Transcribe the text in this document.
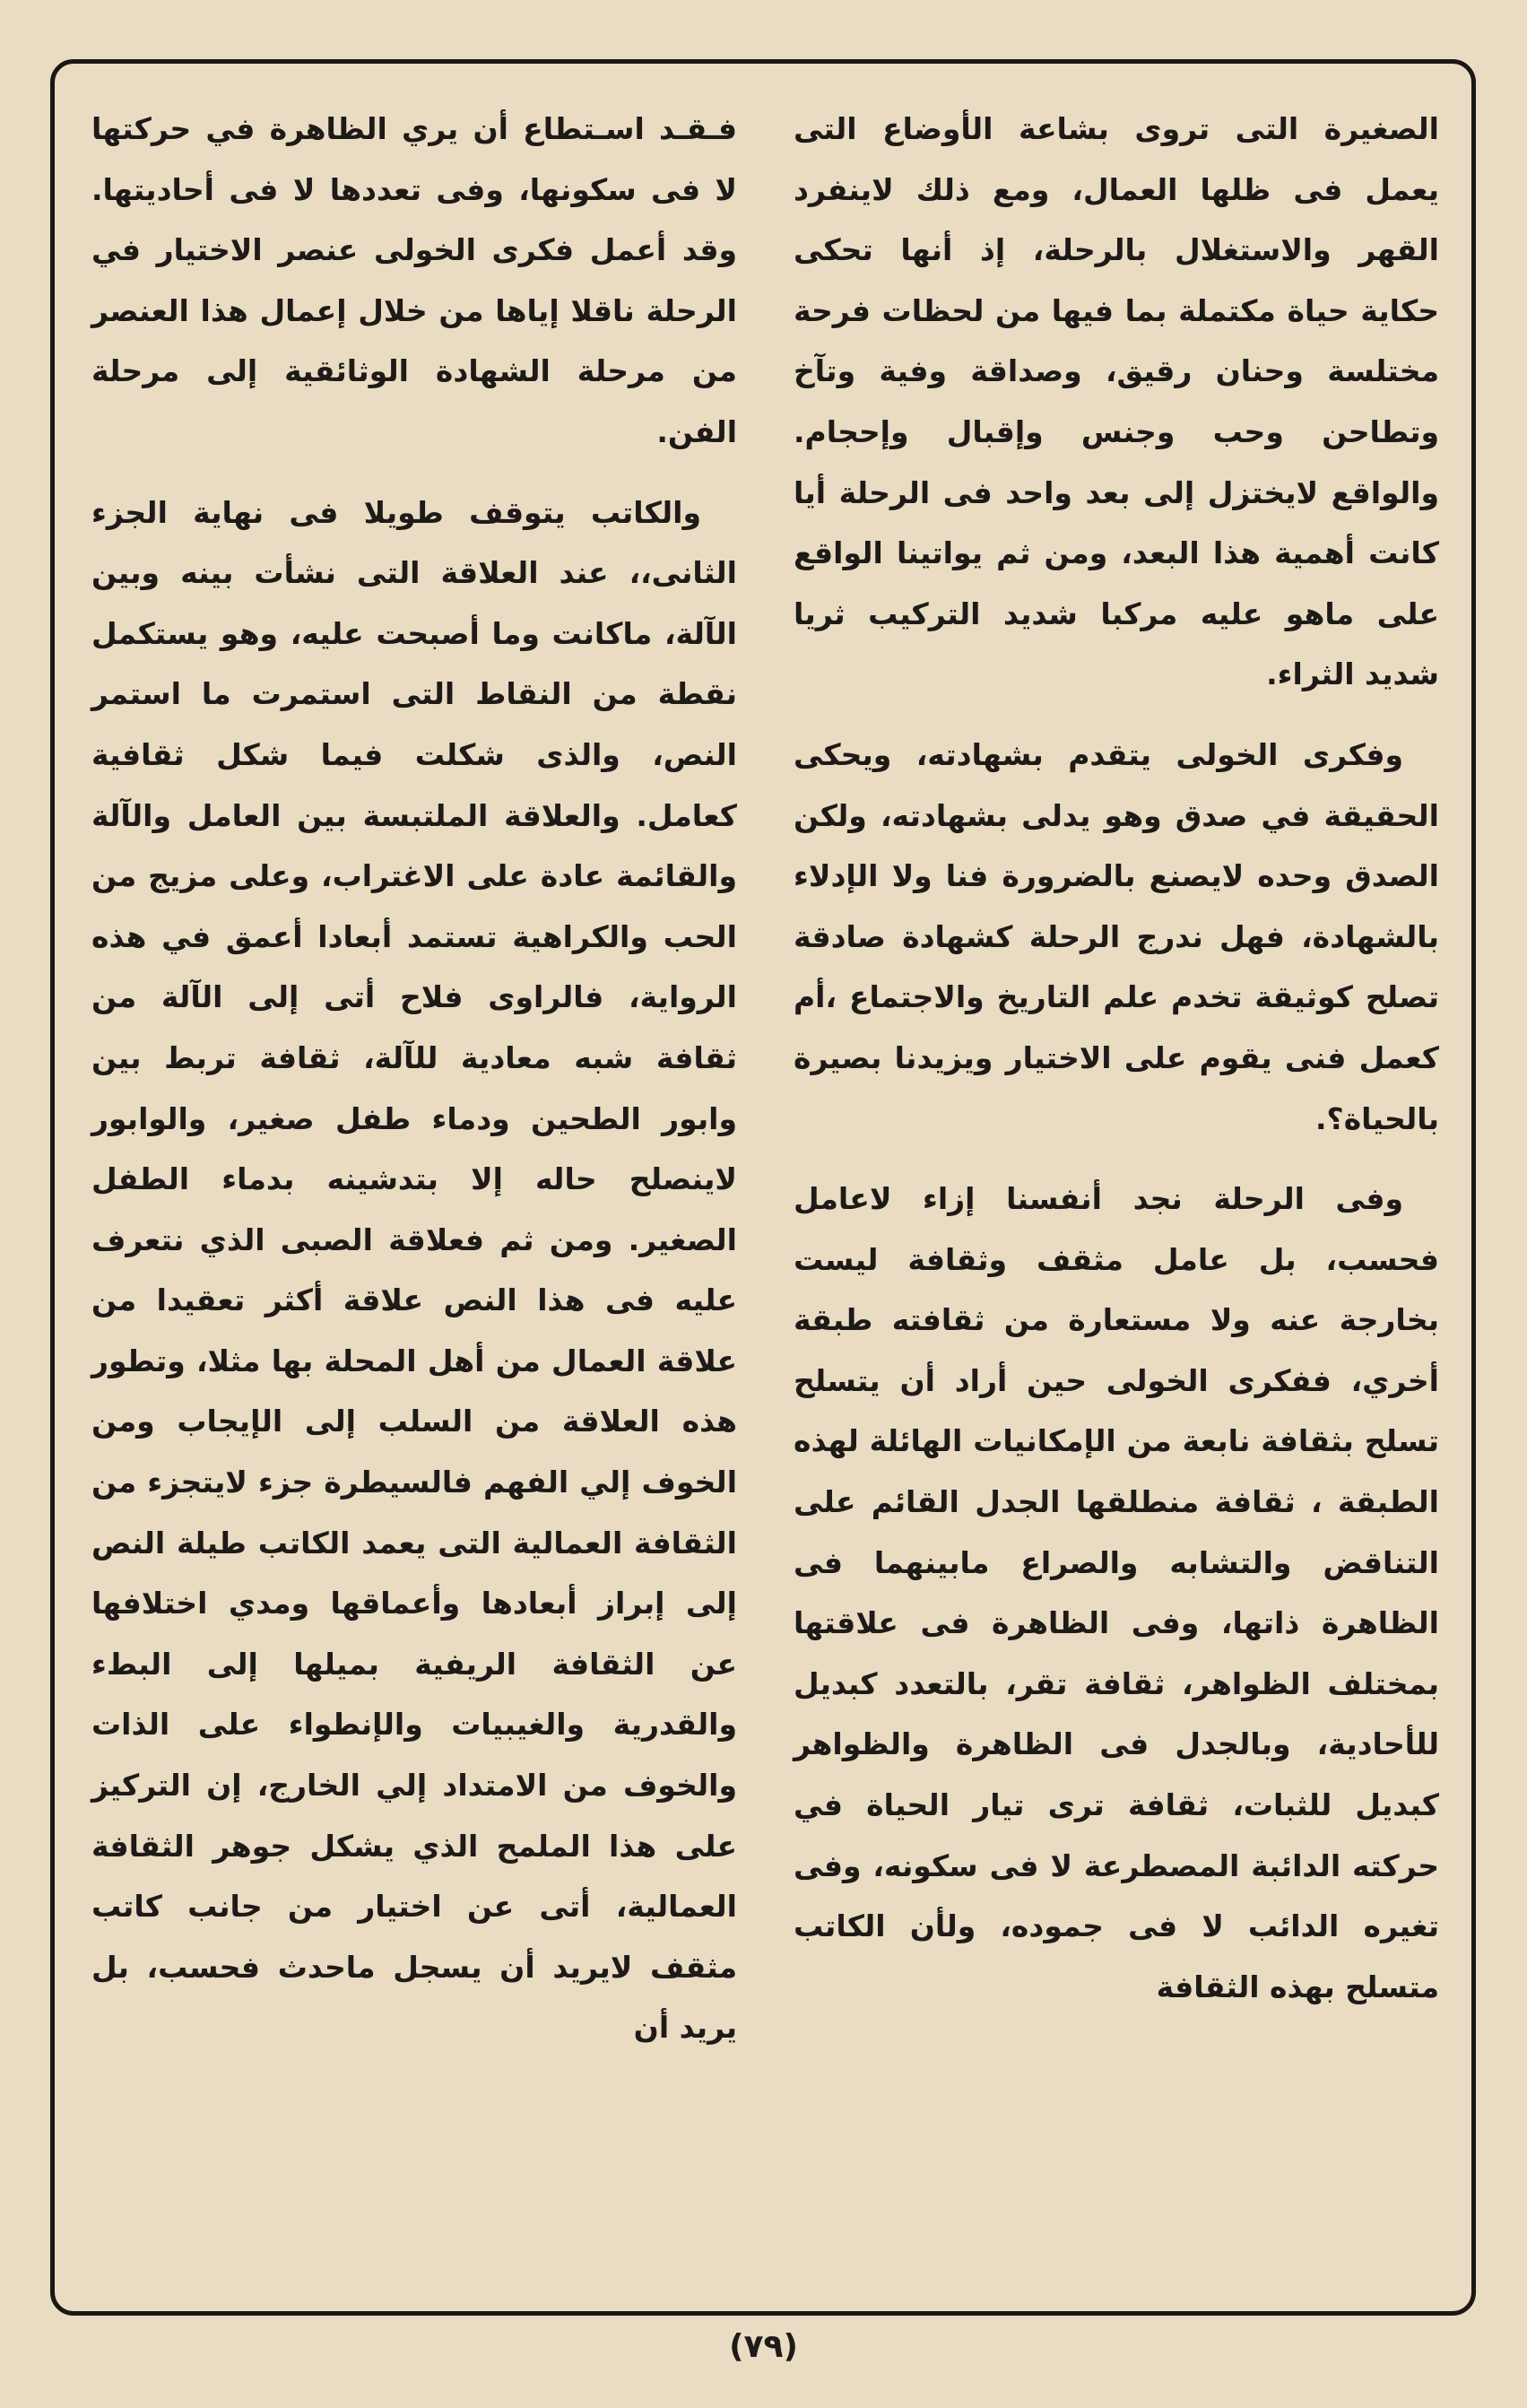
الصغيرة التى تروى بشاعة الأوضاع التى يعمل فى ظلها العمال، ومع ذلك لاينفرد القهر والاستغلال بالرحلة، إذ أنها تحكى حكاية حياة مكتملة بما فيها من لحظات فرحة مختلسة وحنان رقيق، وصداقة وفية وتآخ وتطاحن وحب وجنس وإقبال وإحجام. والواقع لايختزل إلى بعد واحد فى الرحلة أيا كانت أهمية هذا البعد، ومن ثم يواتينا الواقع على ماهو عليه مركبا شديد التركيب ثريا شديد الثراء.

وفكرى الخولى يتقدم بشهادته، ويحكى الحقيقة في صدق وهو يدلى بشهادته، ولكن الصدق وحده لايصنع بالضرورة فنا ولا الإدلاء بالشهادة، فهل ندرج الرحلة كشهادة صادقة تصلح كوثيقة تخدم علم التاريخ والاجتماع ،أم كعمل فنى يقوم على الاختيار ويزيدنا بصيرة بالحياة؟.

وفى الرحلة نجد أنفسنا إزاء لاعامل فحسب، بل عامل مثقف وثقافة ليست بخارجة عنه ولا مستعارة من ثقافته طبقة أخري، ففكرى الخولى حين أراد أن يتسلح تسلح بثقافة نابعة من الإمكانيات الهائلة لهذه الطبقة ، ثقافة منطلقها الجدل القائم على التناقض والتشابه والصراع مابينهما فى الظاهرة ذاتها، وفى الظاهرة فى علاقتها بمختلف الظواهر، ثقافة تقر، بالتعدد كبديل للأحادية، وبالجدل فى الظاهرة والظواهر كبديل للثبات، ثقافة ترى تيار الحياة في حركته الدائبة المصطرعة لا فى سكونه، وفى تغيره الدائب لا فى جموده، ولأن الكاتب متسلح بهذه الثقافة

فـقـد اسـتطاع أن يري الظاهرة في حركتها لا فى سكونها، وفى تعددها لا فى أحاديتها. وقد أعمل فكرى الخولى عنصر الاختيار في الرحلة ناقلا إياها من خلال إعمال هذا العنصر من مرحلة الشهادة الوثائقية إلى مرحلة الفن.

والكاتب يتوقف طويلا فى نهاية الجزء الثانى،، عند العلاقة التى نشأت بينه وبين الآلة، ماكانت وما أصبحت عليه، وهو يستكمل نقطة من النقاط التى استمرت ما استمر النص، والذى شكلت فيما شكل ثقافية كعامل. والعلاقة الملتبسة بين العامل والآلة والقائمة عادة على الاغتراب، وعلى مزيج من الحب والكراهية تستمد أبعادا أعمق في هذه الرواية، فالراوى فلاح أتى إلى الآلة من ثقافة شبه معادية للآلة، ثقافة تربط بين وابور الطحين ودماء طفل صغير، والوابور لاينصلح حاله إلا بتدشينه بدماء الطفل الصغير. ومن ثم فعلاقة الصبى الذي نتعرف عليه فى هذا النص علاقة أكثر تعقيدا من علاقة العمال من أهل المحلة بها مثلا، وتطور هذه العلاقة من السلب إلى الإيجاب ومن الخوف إلي الفهم فالسيطرة جزء لايتجزء من الثقافة العمالية التى يعمد الكاتب طيلة النص إلى إبراز أبعادها وأعماقها ومدي اختلافها عن الثقافة الريفية بميلها إلى البطء والقدرية والغيبيات والإنطواء على الذات والخوف من الامتداد إلي الخارج، إن التركيز على هذا الملمح الذي يشكل جوهر الثقافة العمالية، أتى عن اختيار من جانب كاتب مثقف لايريد أن يسجل ماحدث فحسب، بل يريد أن

(٧٩)
